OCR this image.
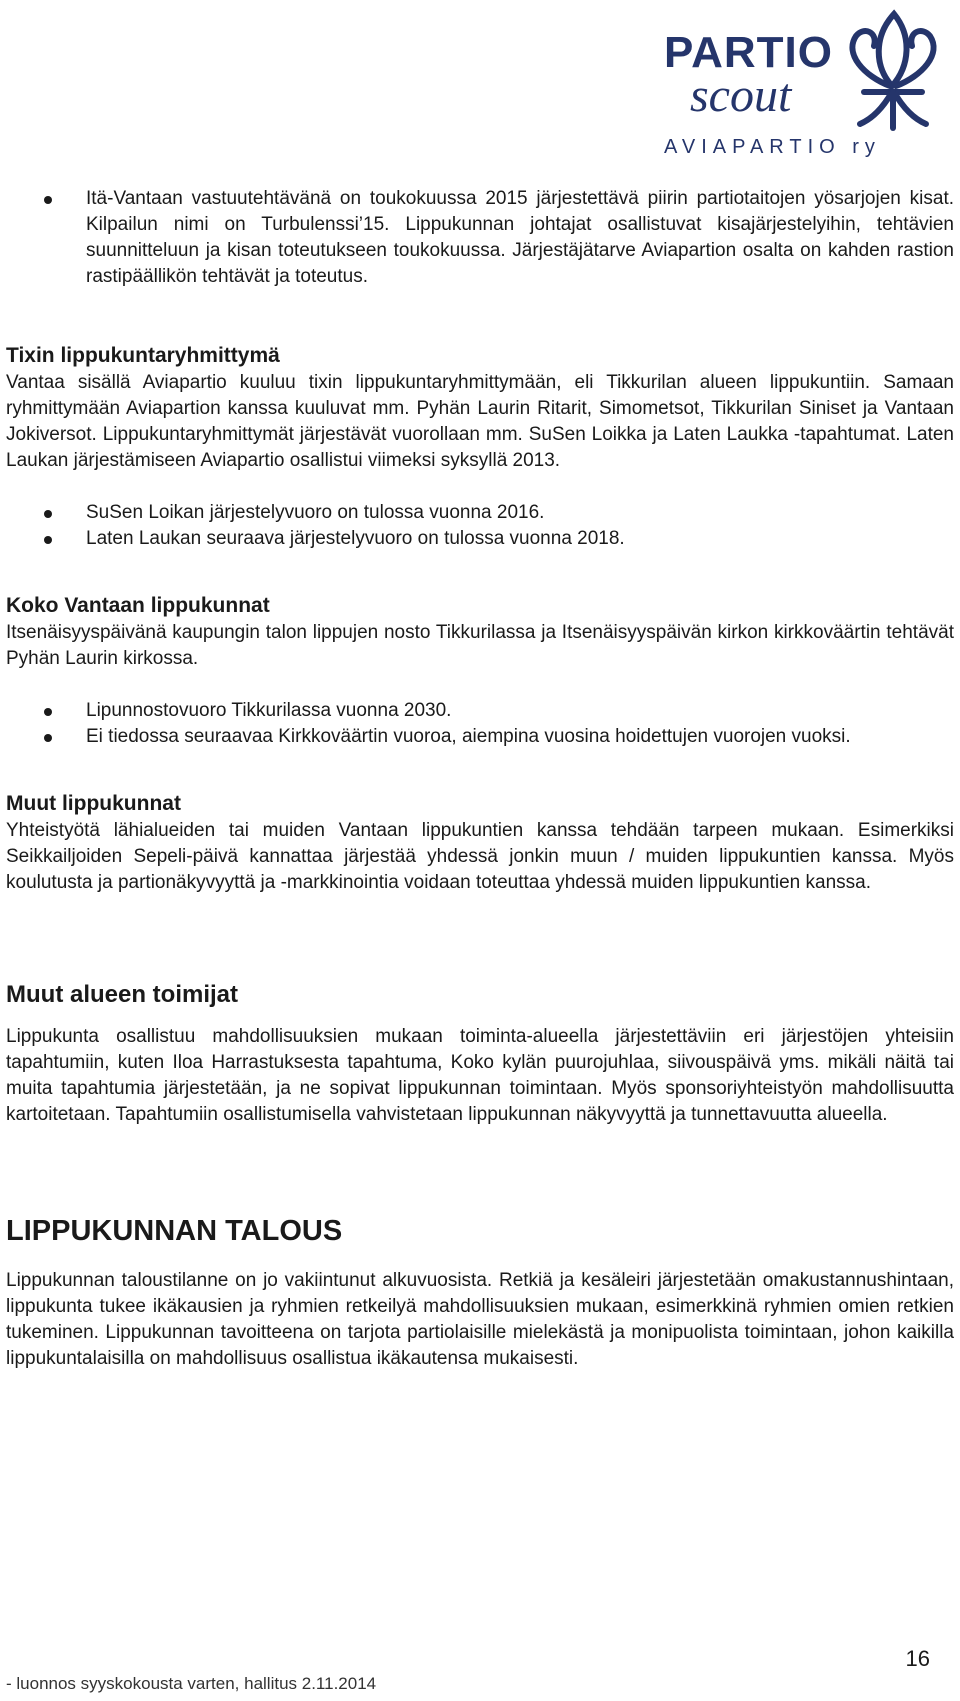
PARTIO
scout
AVIAPARTIO ry
Itä-Vantaan vastuutehtävänä on toukokuussa 2015 järjestettävä piirin partiotaitojen yösarjojen kisat. Kilpailun nimi on Turbulenssi’15. Lippukunnan johtajat osallistuvat kisajärjestelyihin, tehtävien suunnitteluun ja kisan toteutukseen toukokuussa. Järjestäjätarve Aviapartion osalta on kahden rastion rastipäällikön tehtävät ja toteutus.
Tixin lippukuntaryhmittymä

Vantaa sisällä Aviapartio kuuluu tixin lippukuntaryhmittymään, eli Tikkurilan alueen lippukuntiin. Samaan ryhmittymään Aviapartion kanssa kuuluvat mm. Pyhän Laurin Ritarit, Simometsot, Tikkurilan Siniset ja Vantaan Jokiversot. Lippukuntaryhmittymät järjestävät vuorollaan mm. SuSen Loikka ja Laten Laukka -tapahtumat. Laten Laukan järjestämiseen Aviapartio osallistui viimeksi syksyllä 2013.

SuSen Loikan järjestelyvuoro on tulossa vuonna 2016.
Laten Laukan seuraava järjestelyvuoro on tulossa vuonna 2018.
Koko Vantaan lippukunnat

Itsenäisyyspäivänä kaupungin talon lippujen nosto Tikkurilassa ja Itsenäisyyspäivän kirkon kirkkoväärtin tehtävät Pyhän Laurin kirkossa.

Lipunnostovuoro Tikkurilassa vuonna 2030.
Ei tiedossa seuraavaa Kirkkoväärtin vuoroa, aiempina vuosina hoidettujen vuorojen vuoksi.
Muut lippukunnat

Yhteistyötä lähialueiden tai muiden Vantaan lippukuntien kanssa tehdään tarpeen mukaan. Esimerkiksi Seikkailjoiden Sepeli-päivä kannattaa järjestää yhdessä jonkin muun / muiden lippukuntien kanssa. Myös koulutusta ja partionäkyvyyttä ja -markkinointia voidaan toteuttaa yhdessä muiden lippukuntien kanssa.

Muut alueen toimijat

Lippukunta osallistuu mahdollisuuksien mukaan toiminta-alueella järjestettäviin eri järjestöjen yhteisiin tapahtumiin, kuten Iloa Harrastuksesta tapahtuma, Koko kylän puurojuhlaa, siivouspäivä yms. mikäli näitä tai muita tapahtumia järjestetään, ja ne sopivat lippukunnan toimintaan. Myös sponsoriyhteistyön mahdollisuutta kartoitetaan. Tapahtumiin osallistumisella vahvistetaan lippukunnan näkyvyyttä ja tunnettavuutta alueella.

LIPPUKUNNAN TALOUS

Lippukunnan taloustilanne on jo vakiintunut alkuvuosista. Retkiä ja kesäleiri järjestetään omakustannushintaan, lippukunta tukee ikäkausien ja ryhmien retkeilyä mahdollisuuksien mukaan, esimerkkinä ryhmien omien retkien tukeminen. Lippukunnan tavoitteena on tarjota partiolaisille mielekästä ja monipuolista toimintaan, johon kaikilla lippukuntalaisilla on mahdollisuus osallistua ikäkautensa mukaisesti.

16
- luonnos syyskokousta varten, hallitus 2.11.2014
